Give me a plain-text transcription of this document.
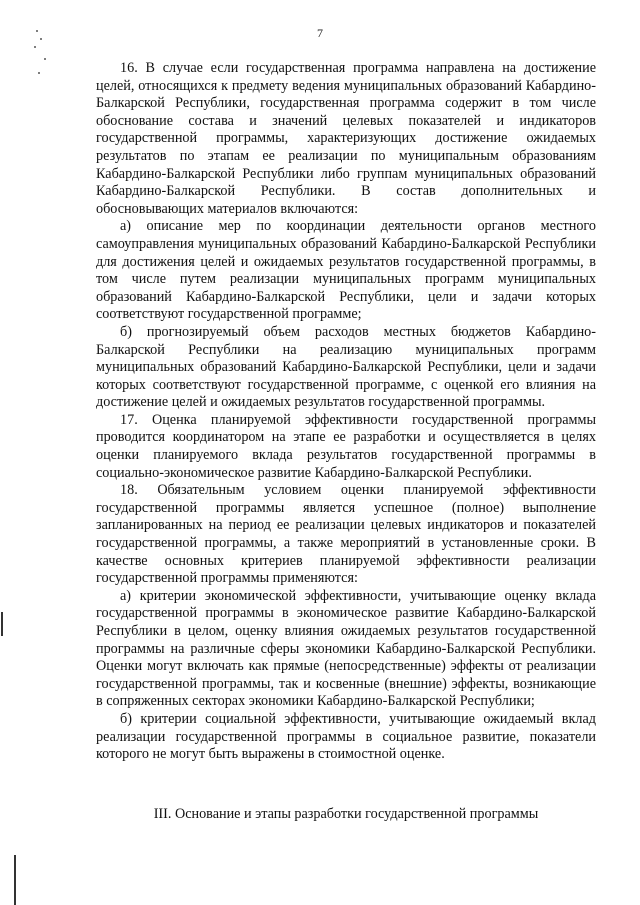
7

16. В случае если государственная программа направлена на достижение целей, относящихся к предмету ведения муниципальных образований Кабардино-Балкарской Республики, государственная программа содержит в том числе обоснование состава и значений целевых показателей и индикаторов государственной программы, характеризующих достижение ожидаемых результатов по этапам ее реализации по муниципальным образованиям Кабардино-Балкарской Республики либо группам муниципальных образований Кабардино-Балкарской Республики. В состав дополнительных и обосновывающих материалов включаются:

а) описание мер по координации деятельности органов местного самоуправления муниципальных образований Кабардино-Балкарской Республики для достижения целей и ожидаемых результатов государственной программы, в том числе путем реализации муниципальных программ муниципальных образований Кабардино-Балкарской Республики, цели и задачи которых соответствуют государственной программе;

б) прогнозируемый объем расходов местных бюджетов Кабардино-Балкарской Республики на реализацию муниципальных программ муниципальных образований Кабардино-Балкарской Республики, цели и задачи которых соответствуют государственной программе, с оценкой его влияния на достижение целей и ожидаемых результатов государственной программы.

17. Оценка планируемой эффективности государственной программы проводится координатором на этапе ее разработки и осуществляется в целях оценки планируемого вклада результатов государственной программы в социально-экономическое развитие Кабардино-Балкарской Республики.

18. Обязательным условием оценки планируемой эффективности государственной программы является успешное (полное) выполнение запланированных на период ее реализации целевых индикаторов и показателей государственной программы, а также мероприятий в установленные сроки. В качестве основных критериев планируемой эффективности реализации государственной программы применяются:

а) критерии экономической эффективности, учитывающие оценку вклада государственной программы в экономическое развитие Кабардино-Балкарской Республики в целом, оценку влияния ожидаемых результатов государственной программы на различные сферы экономики Кабардино-Балкарской Республики. Оценки могут включать как прямые (непосредственные) эффекты от реализации государственной программы, так и косвенные (внешние) эффекты, возникающие в сопряженных секторах экономики Кабардино-Балкарской Республики;

б) критерии социальной эффективности, учитывающие ожидаемый вклад реализации государственной программы в социальное развитие, показатели которого не могут быть выражены в стоимостной оценке.

III. Основание и этапы разработки государственной программы
